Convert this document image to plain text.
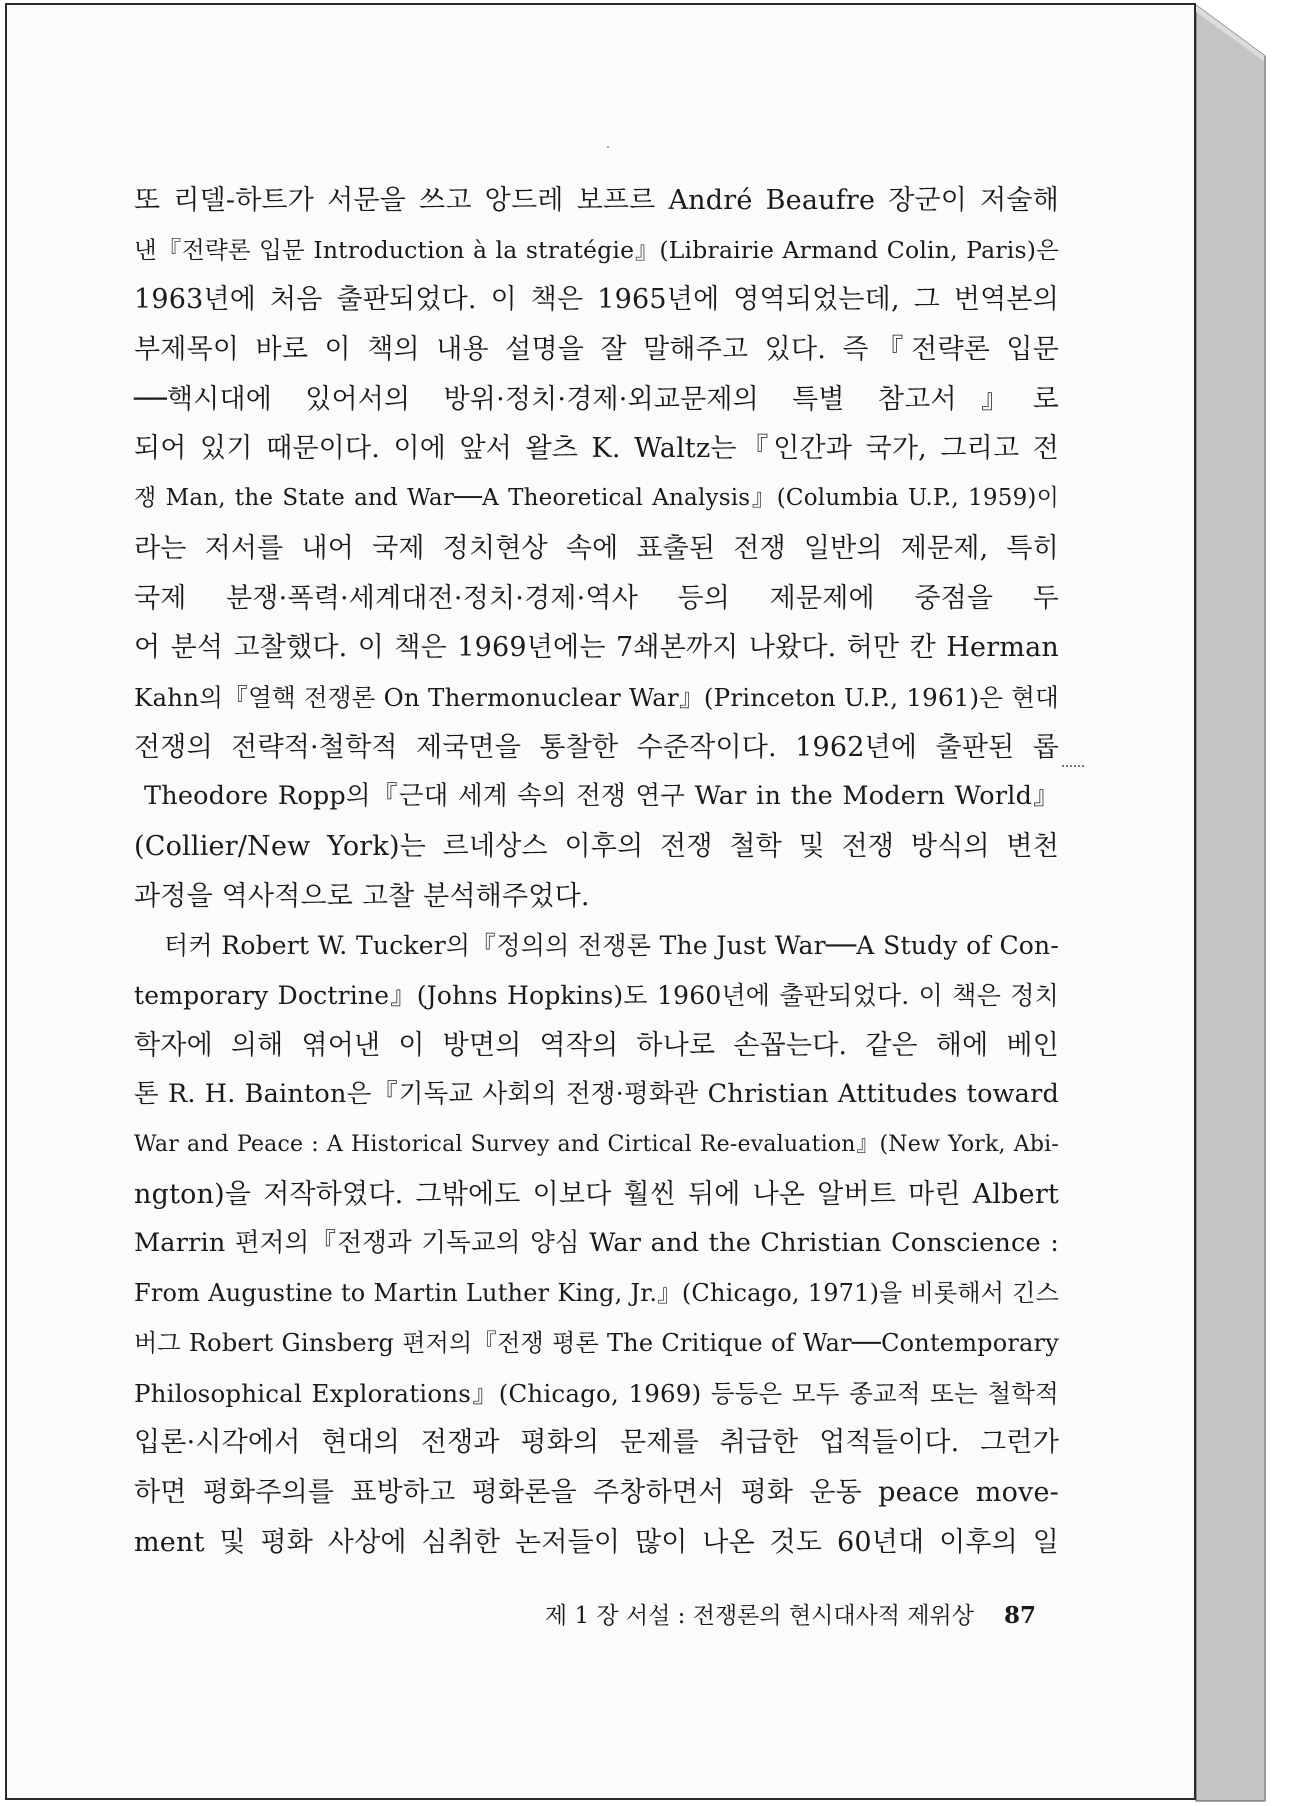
또 리델-하트가 서문을 쓰고 앙드레 보프르 André Beaufre 장군이 저술해
낸『전략론 입문 Introduction à la stratégie』(Librairie Armand Colin, Paris)은
1963년에 처음 출판되었다. 이 책은 1965년에 영역되었는데, 그 번역본의
부제목이 바로 이 책의 내용 설명을 잘 말해주고 있다. 즉『전략론 입문
──핵시대에 있어서의 방위·정치·경제·외교문제의 특별 참고서』로
되어 있기 때문이다. 이에 앞서 왈츠 K. Waltz는『인간과 국가, 그리고 전
쟁 Man, the State and War──A Theoretical Analysis』(Columbia U.P., 1959)이
라는 저서를 내어 국제 정치현상 속에 표출된 전쟁 일반의 제문제, 특히
국제 분쟁·폭력·세계대전·정치·경제·역사 등의 제문제에 중점을 두
어 분석 고찰했다. 이 책은 1969년에는 7쇄본까지 나왔다. 허만 칸 Herman
Kahn의『열핵 전쟁론 On Thermonuclear War』(Princeton U.P., 1961)은 현대
전쟁의 전략적·철학적 제국면을 통찰한 수준작이다. 1962년에 출판된 롭
Theodore Ropp의『근대 세계 속의 전쟁 연구 War in the Modern World』
(Collier/New York)는 르네상스 이후의 전쟁 철학 및 전쟁 방식의 변천
과정을 역사적으로 고찰 분석해주었다.
터커 Robert W. Tucker의『정의의 전쟁론 The Just War──A Study of Con-
temporary Doctrine』(Johns Hopkins)도 1960년에 출판되었다. 이 책은 정치
학자에 의해 엮어낸 이 방면의 역작의 하나로 손꼽는다. 같은 해에 베인
톤 R. H. Bainton은『기독교 사회의 전쟁·평화관 Christian Attitudes toward
War and Peace : A Historical Survey and Cirtical Re-evaluation』(New York, Abi-
ngton)을 저작하였다. 그밖에도 이보다 훨씬 뒤에 나온 알버트 마린 Albert
Marrin 편저의『전쟁과 기독교의 양심 War and the Christian Conscience :
From Augustine to Martin Luther King, Jr.』(Chicago, 1971)을 비롯해서 긴스
버그 Robert Ginsberg 편저의『전쟁 평론 The Critique of War──Contemporary
Philosophical Explorations』(Chicago, 1969) 등등은 모두 종교적 또는 철학적
입론·시각에서 현대의 전쟁과 평화의 문제를 취급한 업적들이다. 그런가
하면 평화주의를 표방하고 평화론을 주창하면서 평화 운동 peace move-
ment 및 평화 사상에 심취한 논저들이 많이 나온 것도 60년대 이후의 일
제 1 장 서설 : 전쟁론의 현시대사적 제위상 87
